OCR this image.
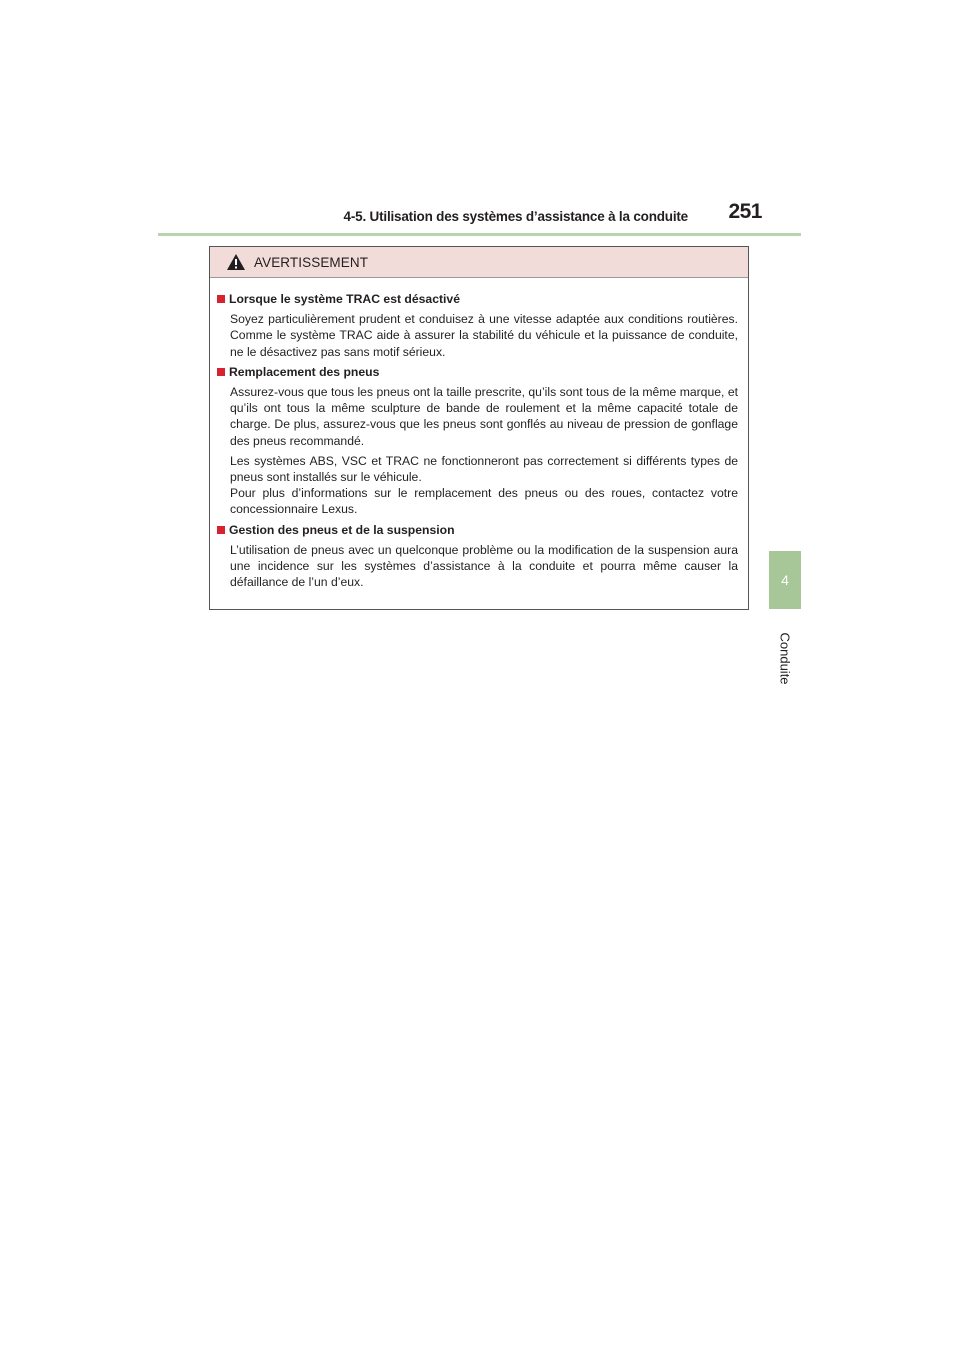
4-5. Utilisation des systèmes d’assistance à la conduite	251
4
Conduite
AVERTISSEMENT
Lorsque le système TRAC est désactivé

Soyez particulièrement prudent et conduisez à une vitesse adaptée aux conditions routières. Comme le système TRAC aide à assurer la stabilité du véhicule et la puissance de conduite, ne le désactivez pas sans motif sérieux.

Remplacement des pneus

Assurez-vous que tous les pneus ont la taille prescrite, qu’ils sont tous de la même marque, et qu’ils ont tous la même sculpture de bande de roulement et la même capacité totale de charge. De plus, assurez-vous que les pneus sont gonflés au niveau de pression de gonflage des pneus recommandé.

Les systèmes ABS, VSC et TRAC ne fonctionneront pas correctement si différents types de pneus sont installés sur le véhicule.

Pour plus d’informations sur le remplacement des pneus ou des roues, contactez votre concessionnaire Lexus.

Gestion des pneus et de la suspension

L’utilisation de pneus avec un quelconque problème ou la modification de la suspension aura une incidence sur les systèmes d’assistance à la conduite et pourra même causer la défaillance de l’un d’eux.
